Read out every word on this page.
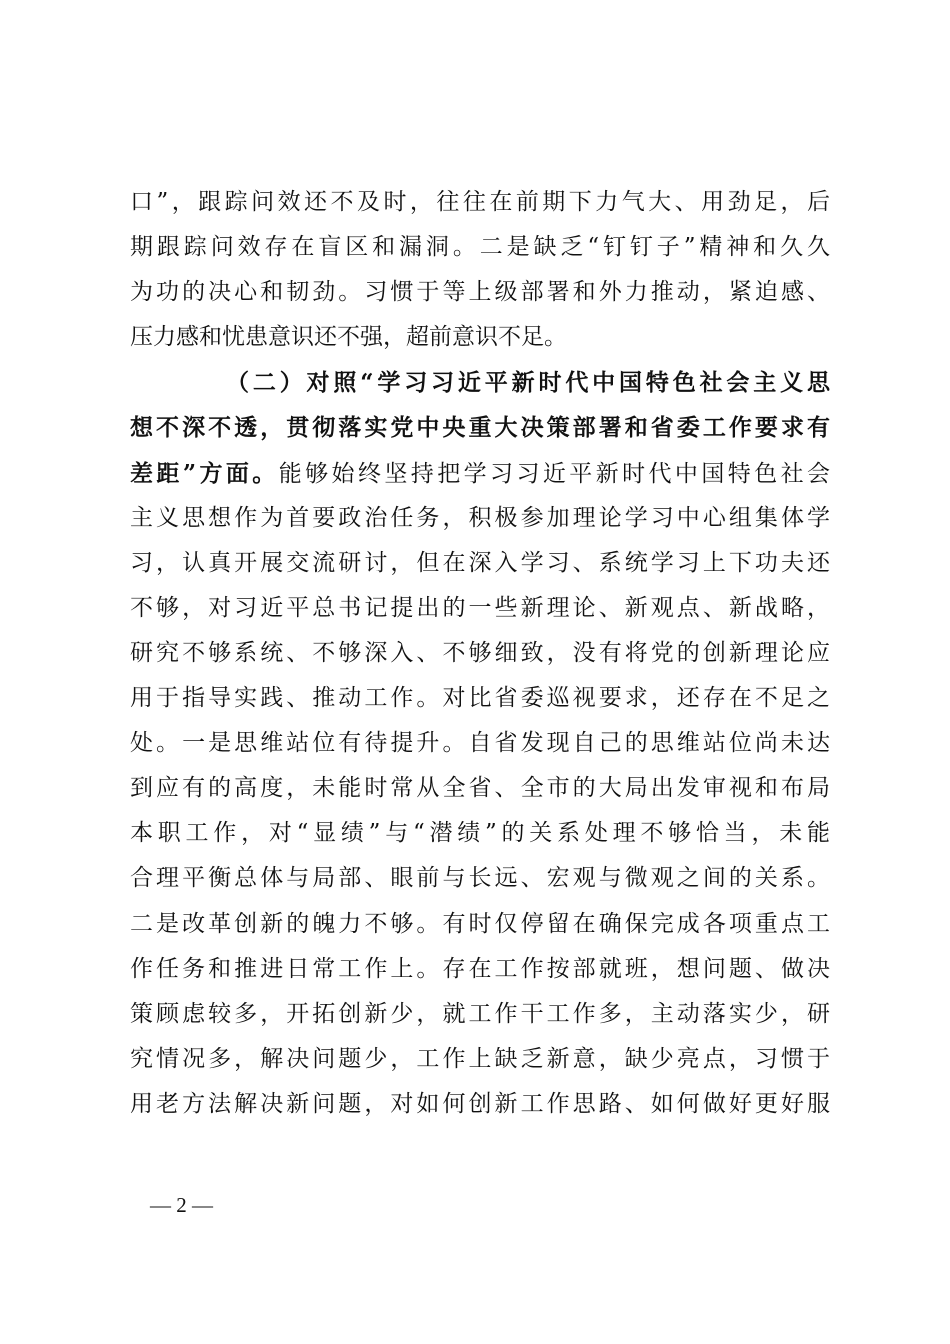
口”，跟踪问效还不及时，往往在前期下力气大、用劲足，后
期跟踪问效存在盲区和漏洞。二是缺乏“钉钉子”精神和久久
为功的决心和韧劲。习惯于等上级部署和外力推动，紧迫感、
压力感和忧患意识还不强，超前意识不足。
（二）对照“学习习近平新时代中国特色社会主义思
想不深不透，贯彻落实党中央重大决策部署和省委工作要求有
差距”方面。能够始终坚持把学习习近平新时代中国特色社会
主义思想作为首要政治任务，积极参加理论学习中心组集体学
习，认真开展交流研讨，但在深入学习、系统学习上下功夫还
不够，对习近平总书记提出的一些新理论、新观点、新战略，
研究不够系统、不够深入、不够细致，没有将党的创新理论应
用于指导实践、推动工作。对比省委巡视要求，还存在不足之
处。一是思维站位有待提升。自省发现自己的思维站位尚未达
到应有的高度，未能时常从全省、全市的大局出发审视和布局
本职工作，对“显绩”与“潜绩”的关系处理不够恰当，未能
合理平衡总体与局部、眼前与长远、宏观与微观之间的关系。
二是改革创新的魄力不够。有时仅停留在确保完成各项重点工
作任务和推进日常工作上。存在工作按部就班，想问题、做决
策顾虑较多，开拓创新少，就工作干工作多，主动落实少，研
究情况多，解决问题少，工作上缺乏新意，缺少亮点，习惯于
用老方法解决新问题，对如何创新工作思路、如何做好更好服
— 2 —
